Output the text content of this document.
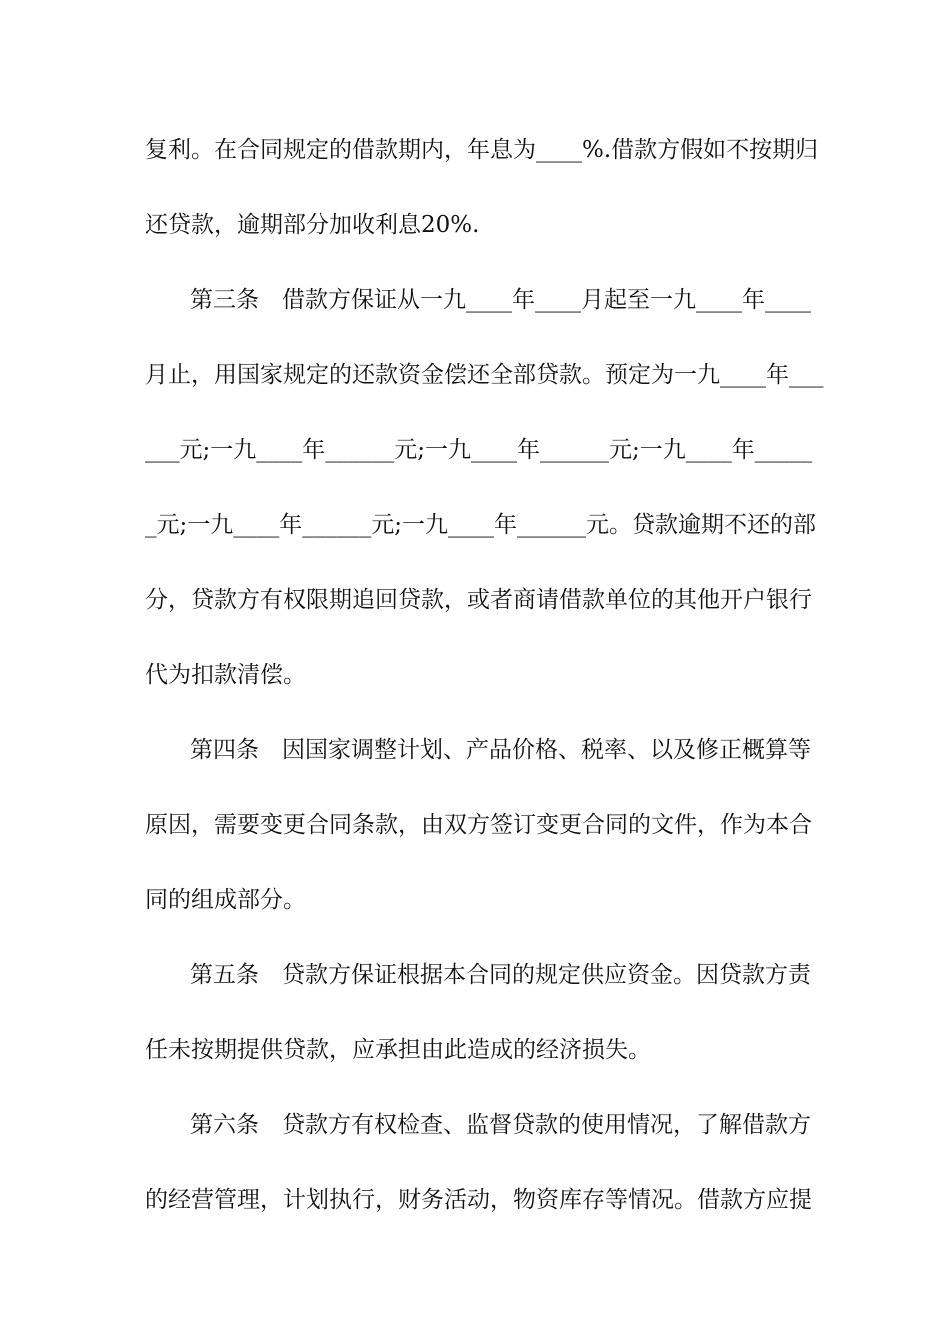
复利。在合同规定的借款期内，年息为____%.借款方假如不按期归
还贷款，逾期部分加收利息20%.
第三条　借款方保证从一九____年____月起至一九____年____
月止，用国家规定的还款资金偿还全部贷款。预定为一九____年___
___元;一九____年______元;一九____年______元;一九____年_____
_元;一九____年______元;一九____年______元。贷款逾期不还的部
分，贷款方有权限期追回贷款，或者商请借款单位的其他开户银行
代为扣款清偿。
第四条　因国家调整计划、产品价格、税率、以及修正概算等
原因，需要变更合同条款，由双方签订变更合同的文件，作为本合
同的组成部分。
第五条　贷款方保证根据本合同的规定供应资金。因贷款方责
任未按期提供贷款，应承担由此造成的经济损失。
第六条　贷款方有权检查、监督贷款的使用情况，了解借款方
的经营管理，计划执行，财务活动，物资库存等情况。借款方应提
